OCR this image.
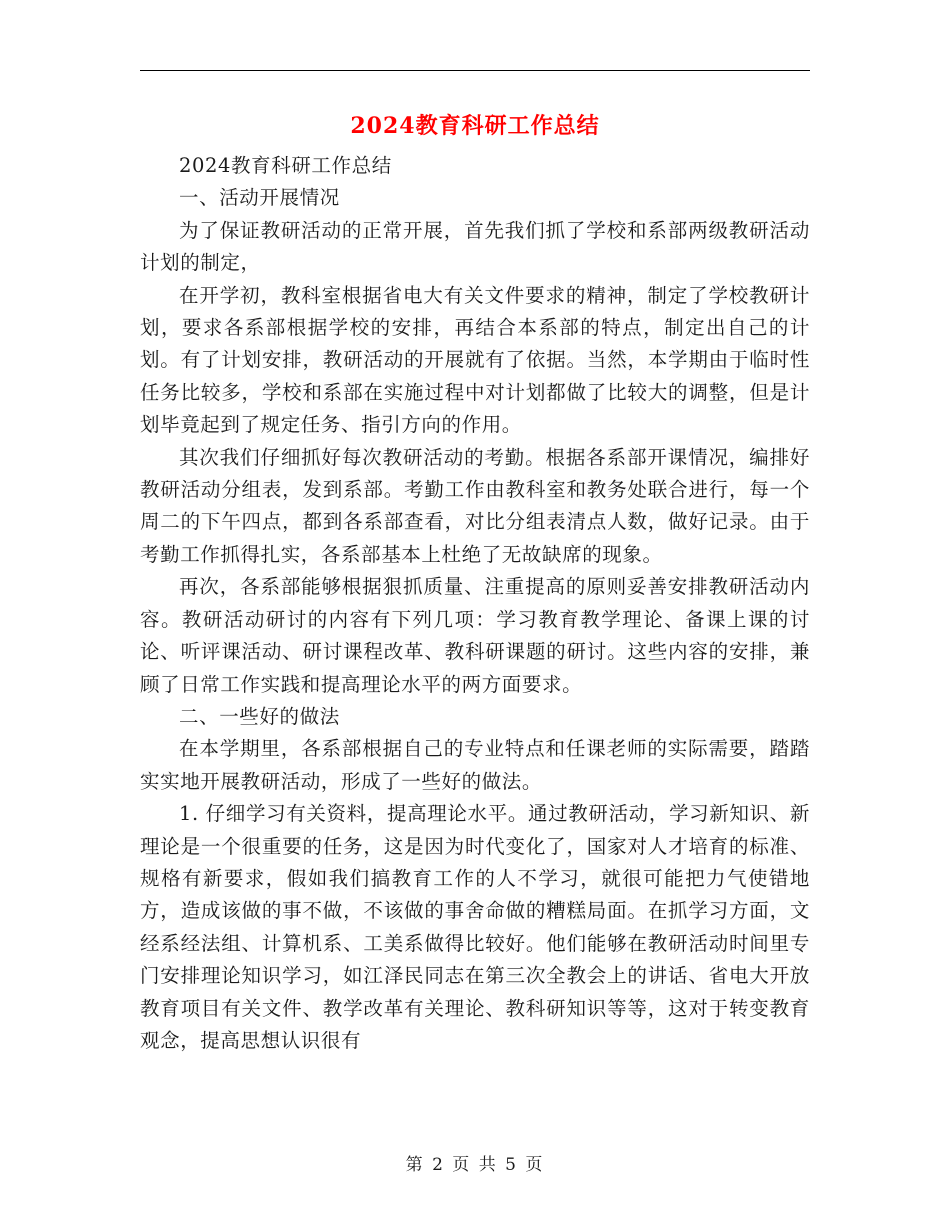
2024教育科研工作总结

2024教育科研工作总结

一、活动开展情况

为了保证教研活动的正常开展，首先我们抓了学校和系部两级教研活动计划的制定，

在开学初，教科室根据省电大有关文件要求的精神，制定了学校教研计划，要求各系部根据学校的安排，再结合本系部的特点，制定出自己的计划。有了计划安排，教研活动的开展就有了依据。当然，本学期由于临时性任务比较多，学校和系部在实施过程中对计划都做了比较大的调整，但是计划毕竟起到了规定任务、指引方向的作用。

其次我们仔细抓好每次教研活动的考勤。根据各系部开课情况，编排好教研活动分组表，发到系部。考勤工作由教科室和教务处联合进行，每一个周二的下午四点，都到各系部查看，对比分组表清点人数，做好记录。由于考勤工作抓得扎实，各系部基本上杜绝了无故缺席的现象。

再次，各系部能够根据狠抓质量、注重提高的原则妥善安排教研活动内容。教研活动研讨的内容有下列几项：学习教育教学理论、备课上课的讨论、听评课活动、研讨课程改革、教科研课题的研讨。这些内容的安排，兼顾了日常工作实践和提高理论水平的两方面要求。

二、一些好的做法

在本学期里，各系部根据自己的专业特点和任课老师的实际需要，踏踏实实地开展教研活动，形成了一些好的做法。

1. 仔细学习有关资料，提高理论水平。通过教研活动，学习新知识、新理论是一个很重要的任务，这是因为时代变化了，国家对人才培育的标准、规格有新要求，假如我们搞教育工作的人不学习，就很可能把力气使错地方，造成该做的事不做，不该做的事舍命做的糟糕局面。在抓学习方面，文经系经法组、计算机系、工美系做得比较好。他们能够在教研活动时间里专门安排理论知识学习，如江泽民同志在第三次全教会上的讲话、省电大开放教育项目有关文件、教学改革有关理论、教科研知识等等，这对于转变教育观念，提高思想认识很有

第 2 页 共 5 页
